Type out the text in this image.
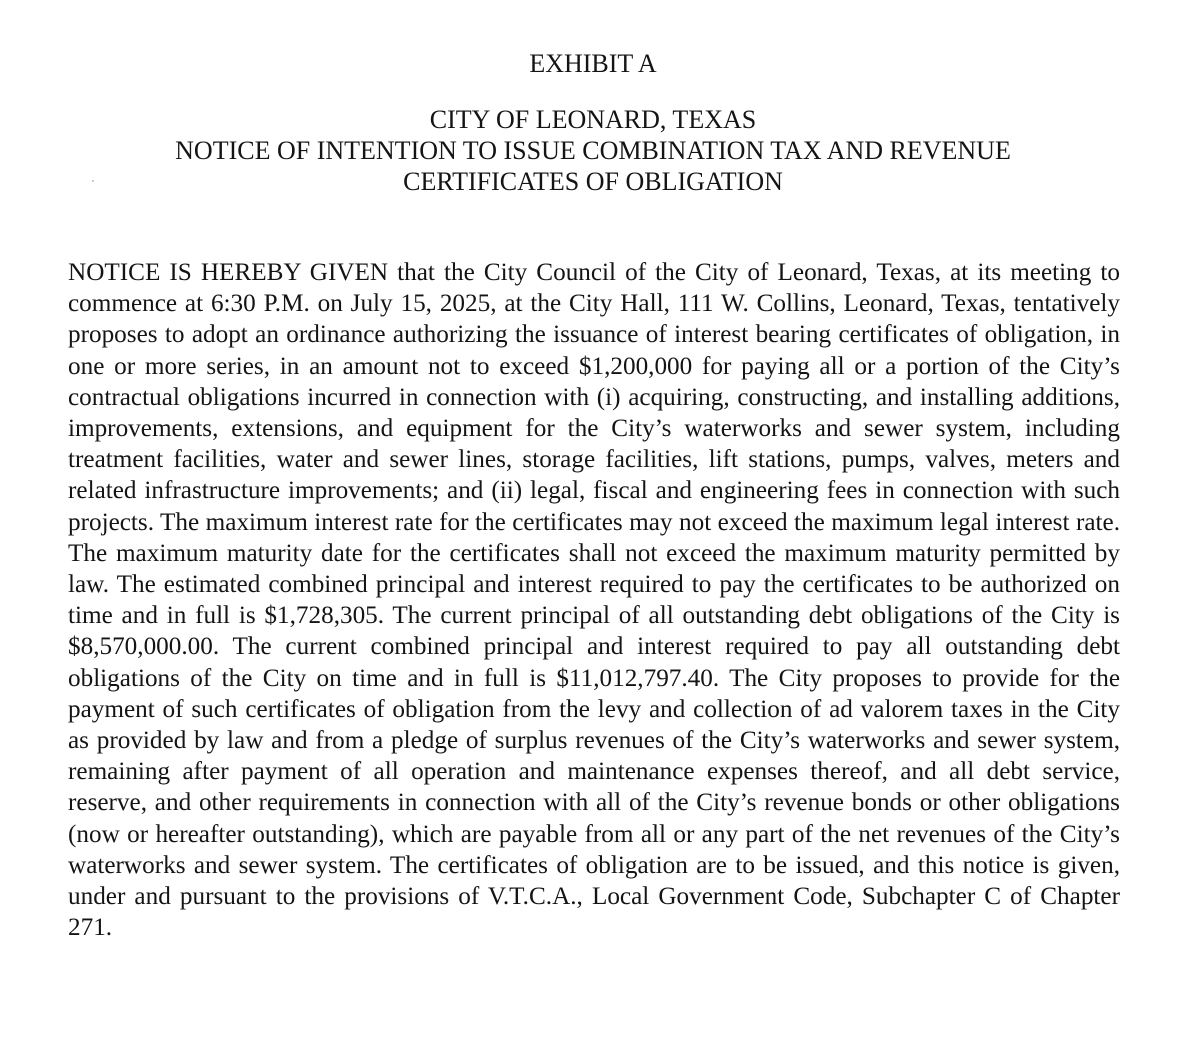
EXHIBIT A
CITY OF LEONARD, TEXAS
NOTICE OF INTENTION TO ISSUE COMBINATION TAX AND REVENUE
CERTIFICATES OF OBLIGATION

NOTICE IS HEREBY GIVEN that the City Council of the City of Leonard, Texas, at its meeting to commence at 6:30 P.M. on July 15, 2025, at the City Hall, 111 W. Collins, Leonard, Texas, tentatively proposes to adopt an ordinance authorizing the issuance of interest bearing certificates of obligation, in one or more series, in an amount not to exceed $1,200,000 for paying all or a portion of the City’s contractual obligations incurred in connection with (i) acquiring, constructing, and installing additions, improvements, extensions, and equipment for the City’s waterworks and sewer system, including treatment facilities, water and sewer lines, storage facilities, lift stations, pumps, valves, meters and related infrastructure improvements; and (ii) legal, fiscal and engineering fees in connection with such projects. The maximum interest rate for the certificates may not exceed the maximum legal interest rate. The maximum maturity date for the certificates shall not exceed the maximum maturity permitted by law. The estimated combined principal and interest required to pay the certificates to be authorized on time and in full is $1,728,305. The current principal of all outstanding debt obligations of the City is $8,570,000.00. The current combined principal and interest required to pay all outstanding debt obligations of the City on time and in full is $11,012,797.40. The City proposes to provide for the payment of such certificates of obligation from the levy and collection of ad valorem taxes in the City as provided by law and from a pledge of surplus revenues of the City’s waterworks and sewer system, remaining after payment of all operation and maintenance expenses thereof, and all debt service, reserve, and other requirements in connection with all of the City’s revenue bonds or other obligations (now or hereafter outstanding), which are payable from all or any part of the net revenues of the City’s waterworks and sewer system. The certificates of obligation are to be issued, and this notice is given, under and pursuant to the provisions of V.T.C.A., Local Government Code, Subchapter C of Chapter 271.
